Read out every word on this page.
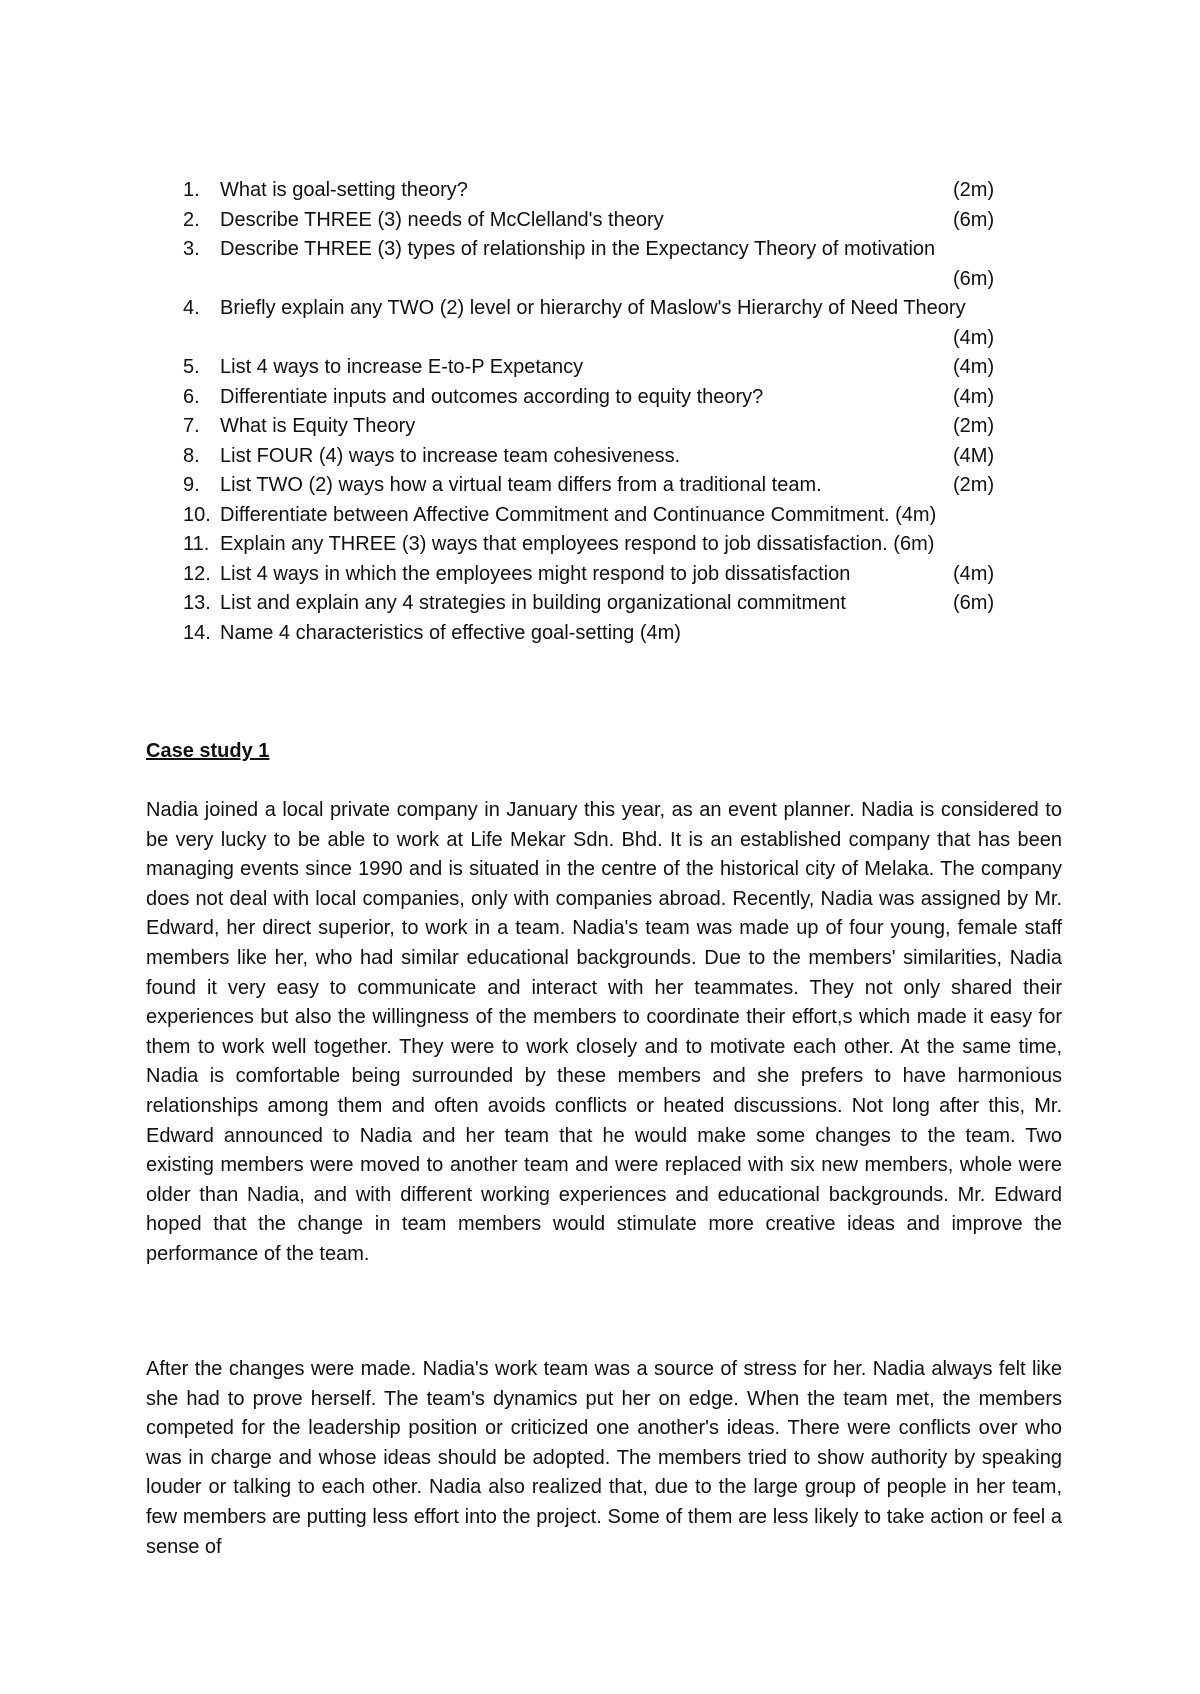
1. What is goal-setting theory?	(2m)
2. Describe THREE (3) needs of McClelland's theory	(6m)
3. Describe THREE (3) types of relationship in the Expectancy Theory of motivation
(6m)
4. Briefly explain any TWO (2) level or hierarchy of Maslow's Hierarchy of Need Theory
(4m)
5. List 4 ways to increase E-to-P Expetancy	(4m)
6. Differentiate inputs and outcomes according to equity theory?	(4m)
7. What is Equity Theory	(2m)
8. List FOUR (4) ways to increase team cohesiveness.	(4M)
9. List TWO (2) ways how a virtual team differs from a traditional team.	(2m)
10. Differentiate between Affective Commitment and Continuance Commitment. (4m)
11. Explain any THREE (3) ways that employees respond to job dissatisfaction. (6m)
12. List 4 ways in which the employees might respond to job dissatisfaction	(4m)
13. List and explain any 4 strategies in building organizational commitment	(6m)
14. Name 4 characteristics of effective goal-setting (4m)
Case study 1

Nadia joined a local private company in January this year, as an event planner. Nadia is considered to be very lucky to be able to work at Life Mekar Sdn. Bhd. It is an established company that has been managing events since 1990 and is situated in the centre of the historical city of Melaka. The company does not deal with local companies, only with companies abroad. Recently, Nadia was assigned by Mr. Edward, her direct superior, to work in a team. Nadia's team was made up of four young, female staff members like her, who had similar educational backgrounds. Due to the members' similarities, Nadia found it very easy to communicate and interact with her teammates. They not only shared their experiences but also the willingness of the members to coordinate their effort,s which made it easy for them to work well together. They were to work closely and to motivate each other. At the same time, Nadia is comfortable being surrounded by these members and she prefers to have harmonious relationships among them and often avoids conflicts or heated discussions. Not long after this, Mr. Edward announced to Nadia and her team that he would make some changes to the team. Two existing members were moved to another team and were replaced with six new members, whole were older than Nadia, and with different working experiences and educational backgrounds. Mr. Edward hoped that the change in team members would stimulate more creative ideas and improve the performance of the team.

After the changes were made. Nadia's work team was a source of stress for her. Nadia always felt like she had to prove herself. The team's dynamics put her on edge. When the team met, the members competed for the leadership position or criticized one another's ideas. There were conflicts over who was in charge and whose ideas should be adopted. The members tried to show authority by speaking louder or talking to each other. Nadia also realized that, due to the large group of people in her team, few members are putting less effort into the project. Some of them are less likely to take action or feel a sense of
